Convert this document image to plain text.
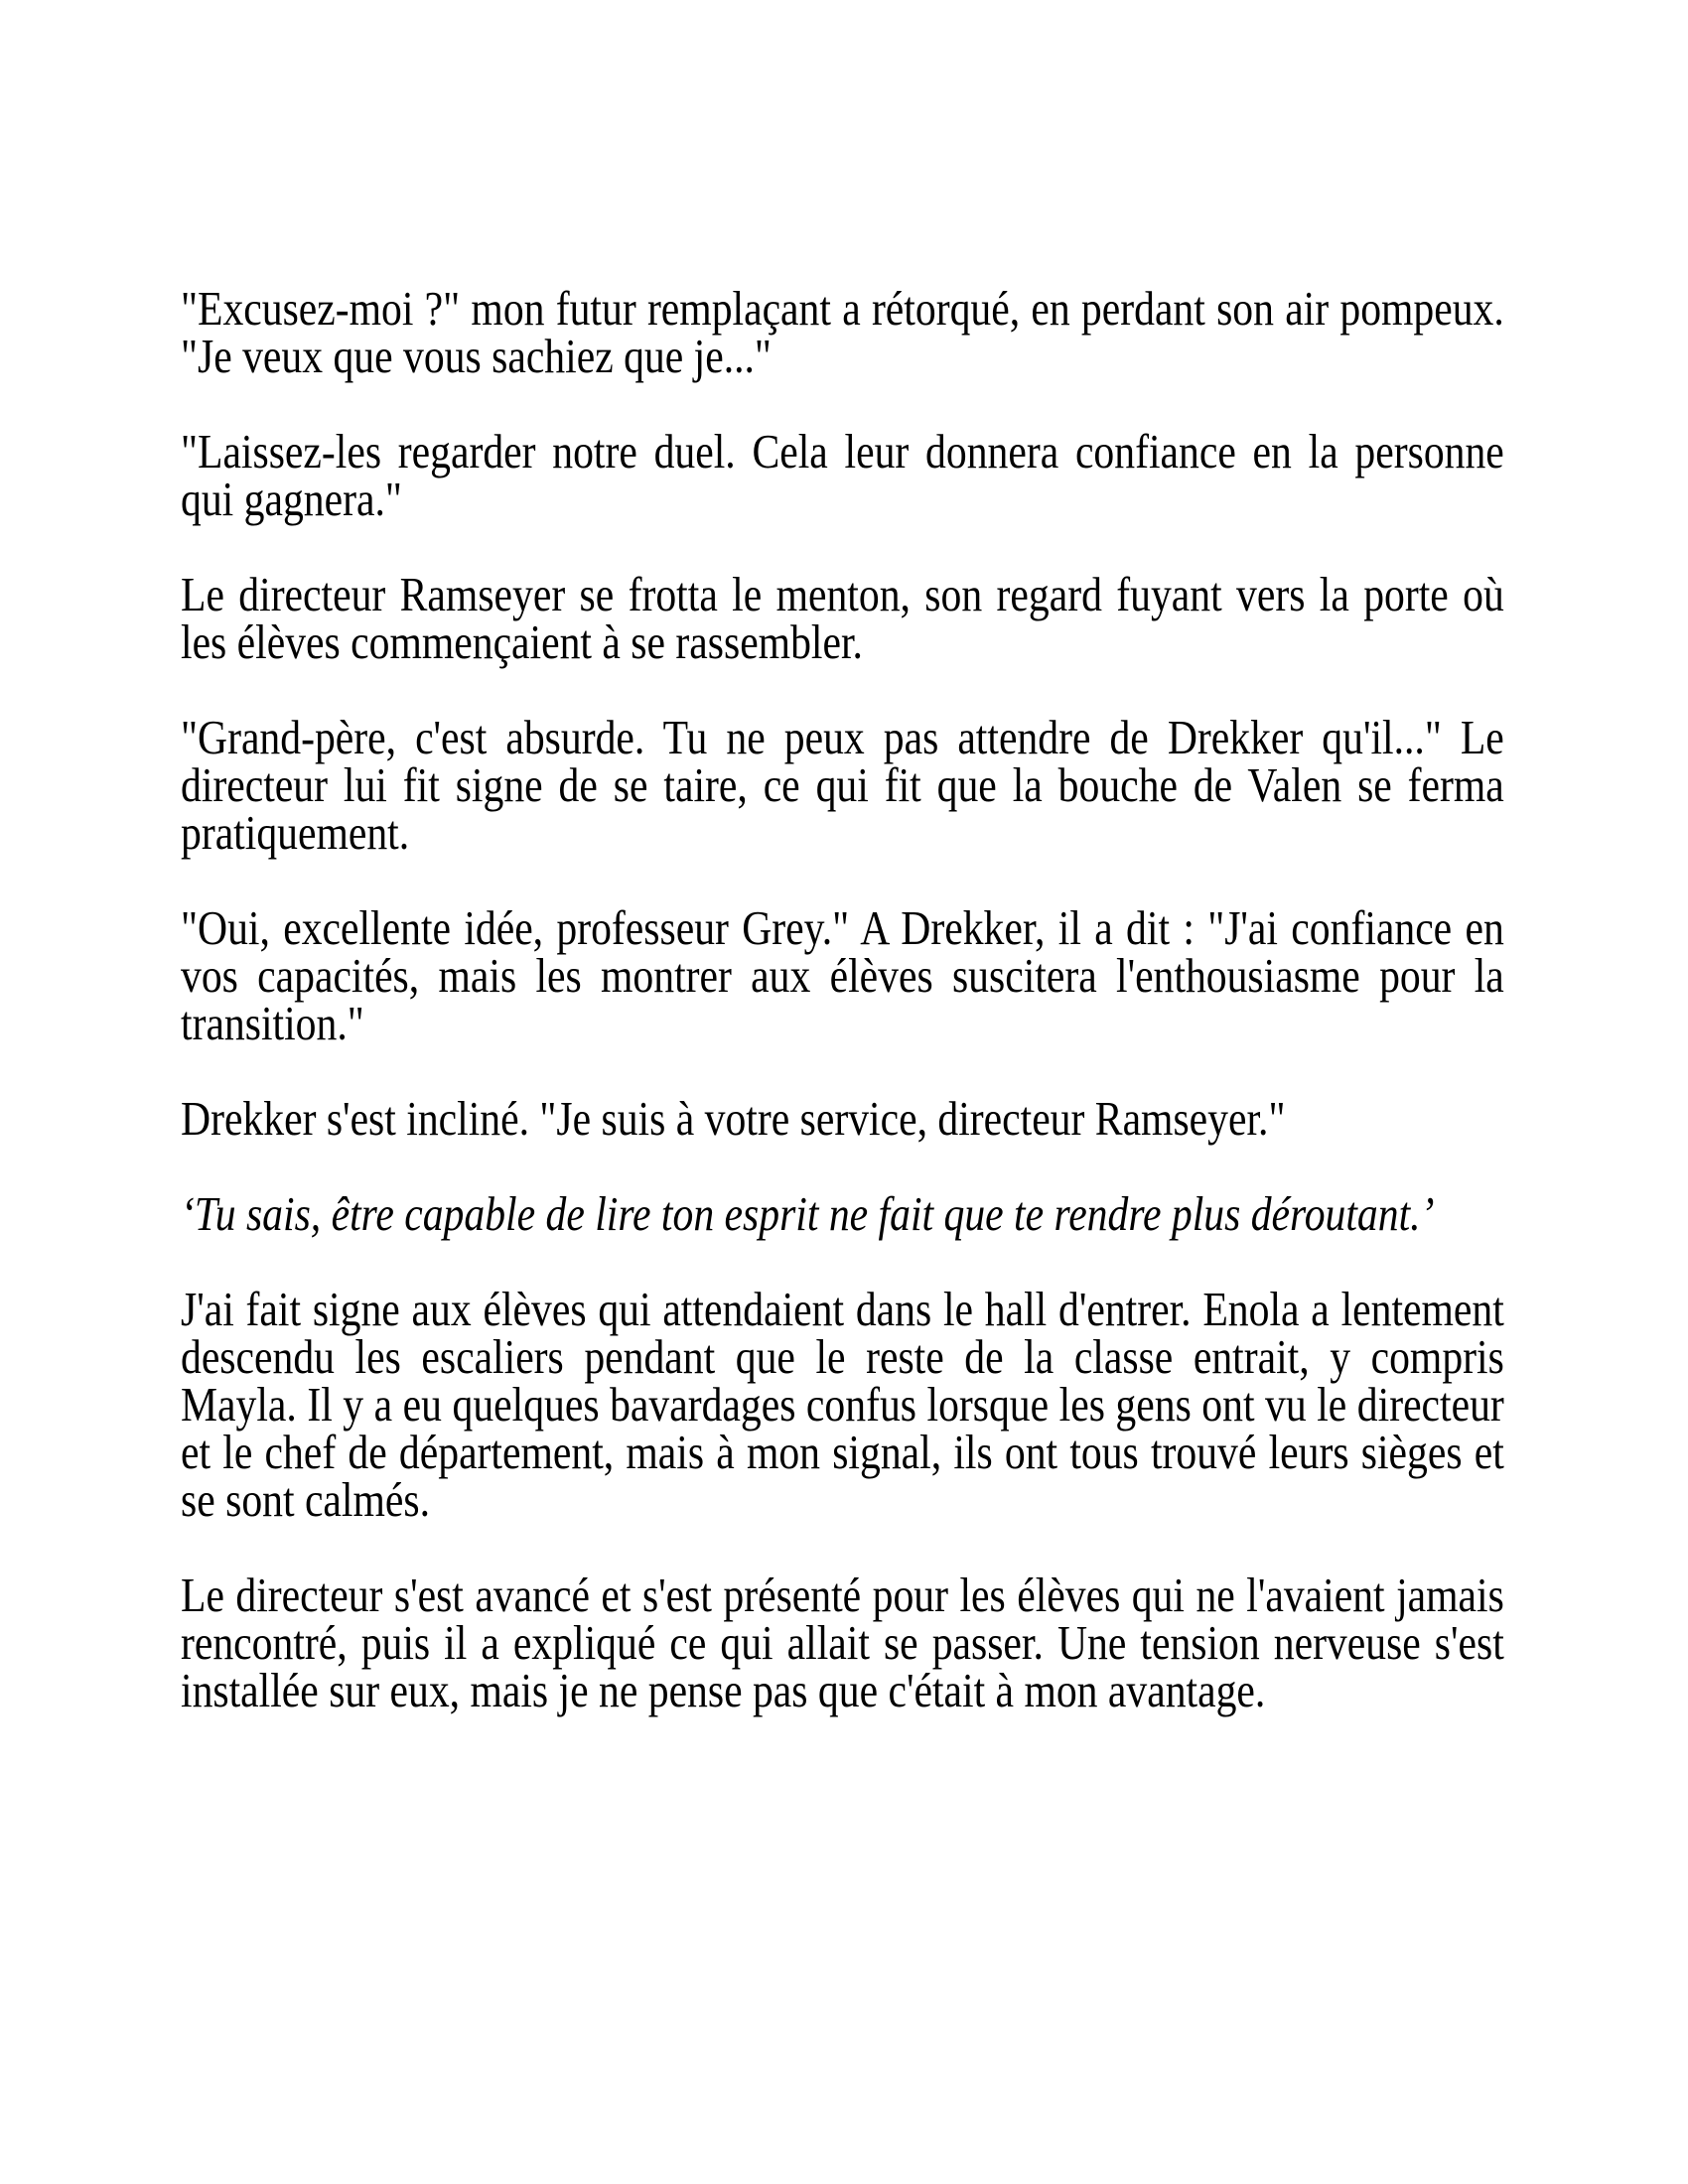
"Excusez-moi ?" mon futur remplaçant a rétorqué, en perdant son air pompeux. "Je veux que vous sachiez que je..."

"Laissez-les regarder notre duel. Cela leur donnera confiance en la personne qui gagnera."

Le directeur Ramseyer se frotta le menton, son regard fuyant vers la porte où les élèves commençaient à se rassembler.

"Grand-père, c'est absurde. Tu ne peux pas attendre de Drekker qu'il..." Le directeur lui fit signe de se taire, ce qui fit que la bouche de Valen se ferma pratiquement.

"Oui, excellente idée, professeur Grey." A Drekker, il a dit : "J'ai confiance en vos capacités, mais les montrer aux élèves suscitera l'enthousiasme pour la transition."

Drekker s'est incliné. "Je suis à votre service, directeur Ramseyer."

‘Tu sais, être capable de lire ton esprit ne fait que te rendre plus déroutant.’

J'ai fait signe aux élèves qui attendaient dans le hall d'entrer. Enola a lentement descendu les escaliers pendant que le reste de la classe entrait, y compris Mayla. Il y a eu quelques bavardages confus lorsque les gens ont vu le directeur et le chef de département, mais à mon signal, ils ont tous trouvé leurs sièges et se sont calmés.

Le directeur s'est avancé et s'est présenté pour les élèves qui ne l'avaient jamais rencontré, puis il a expliqué ce qui allait se passer. Une tension nerveuse s'est installée sur eux, mais je ne pense pas que c'était à mon avantage.
